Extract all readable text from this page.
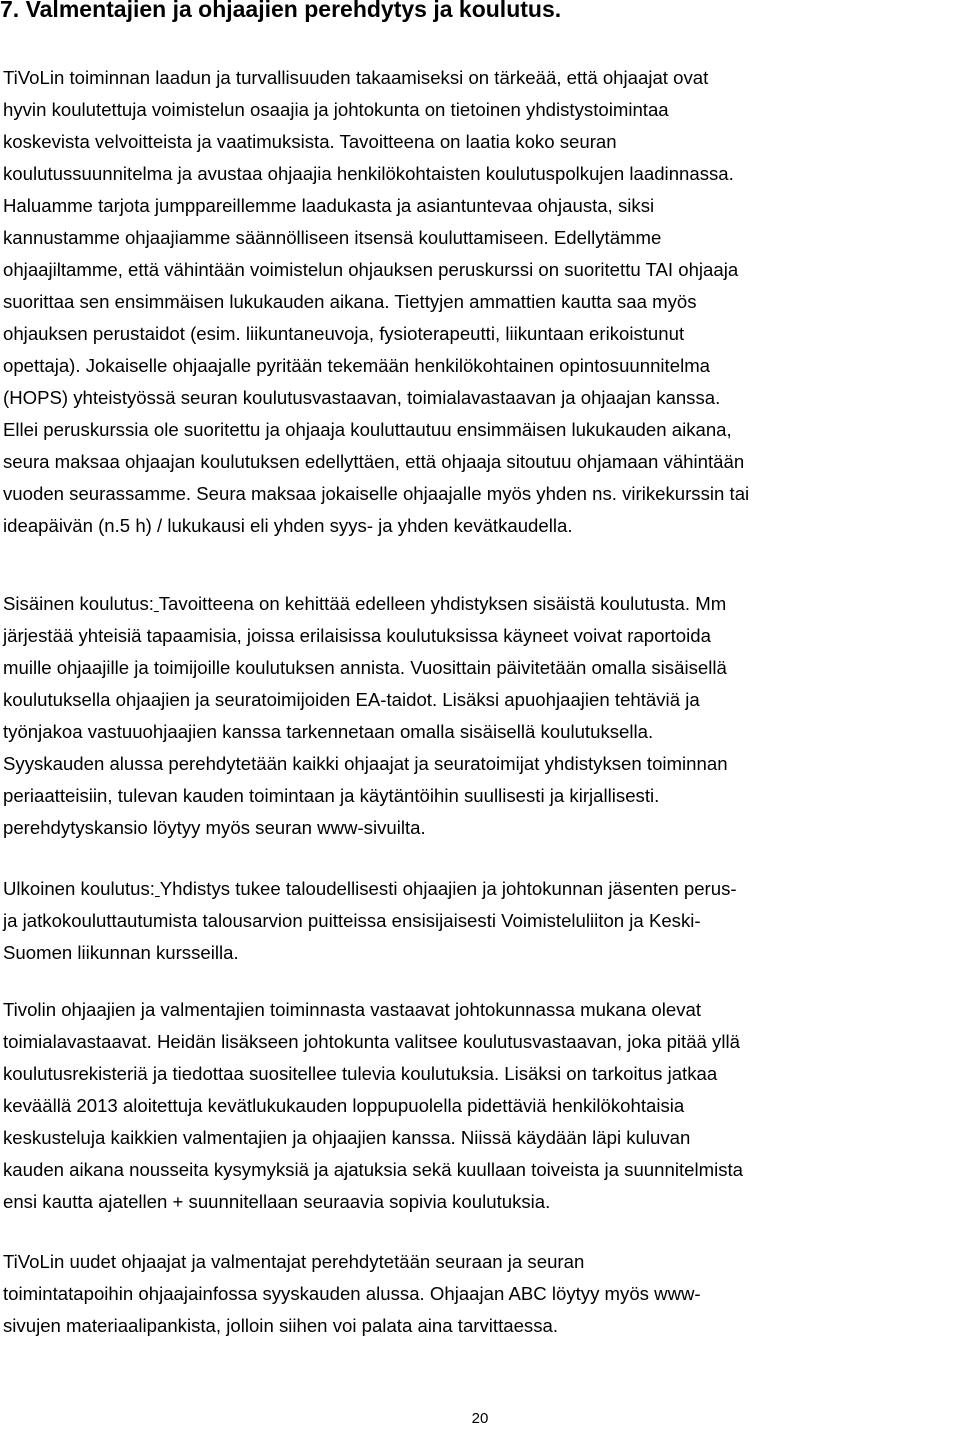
7. Valmentajien ja ohjaajien perehdytys ja koulutus.

TiVoLin toiminnan laadun ja turvallisuuden takaamiseksi on tärkeää, että ohjaajat ovat
hyvin koulutettuja voimistelun osaajia ja johtokunta on tietoinen yhdistystoimintaa
koskevista velvoitteista ja vaatimuksista. Tavoitteena on laatia koko seuran
koulutussuunnitelma ja avustaa ohjaajia henkilökohtaisten koulutuspolkujen laadinnassa.
Haluamme tarjota jumppareillemme laadukasta ja asiantuntevaa ohjausta, siksi
kannustamme ohjaajiamme säännölliseen itsensä kouluttamiseen. Edellytämme
ohjaajiltamme, että vähintään voimistelun ohjauksen peruskurssi on suoritettu TAI ohjaaja
suorittaa sen ensimmäisen lukukauden aikana. Tiettyjen ammattien kautta saa myös
ohjauksen perustaidot (esim. liikuntaneuvoja, fysioterapeutti, liikuntaan erikoistunut
opettaja). Jokaiselle ohjaajalle pyritään tekemään henkilökohtainen opintosuunnitelma
(HOPS) yhteistyössä seuran koulutusvastaavan, toimialavastaavan ja ohjaajan kanssa.
Ellei peruskurssia ole suoritettu ja ohjaaja kouluttautuu ensimmäisen lukukauden aikana,
seura maksaa ohjaajan koulutuksen edellyttäen, että ohjaaja sitoutuu ohjamaan vähintään
vuoden seurassamme. Seura maksaa jokaiselle ohjaajalle myös yhden ns. virikekurssin tai
ideapäivän (n.5 h) / lukukausi eli yhden syys- ja yhden kevätkaudella.

Sisäinen koulutus: Tavoitteena on kehittää edelleen yhdistyksen sisäistä koulutusta. Mm
järjestää yhteisiä tapaamisia, joissa erilaisissa koulutuksissa käyneet voivat raportoida
muille ohjaajille ja toimijoille koulutuksen annista. Vuosittain päivitetään omalla sisäisellä
koulutuksella ohjaajien ja seuratoimijoiden EA-taidot. Lisäksi apuohjaajien tehtäviä ja
työnjakoa vastuuohjaajien kanssa tarkennetaan omalla sisäisellä koulutuksella.
Syyskauden alussa perehdytetään kaikki ohjaajat ja seuratoimijat yhdistyksen toiminnan
periaatteisiin, tulevan kauden toimintaan ja käytäntöihin suullisesti ja kirjallisesti.
perehdytyskansio löytyy myös seuran www-sivuilta.

Ulkoinen koulutus: Yhdistys tukee taloudellisesti ohjaajien ja johtokunnan jäsenten perus-
ja jatkokouluttautumista talousarvion puitteissa ensisijaisesti Voimisteluliiton ja Keski-
Suomen liikunnan kursseilla.

Tivolin ohjaajien ja valmentajien toiminnasta vastaavat johtokunnassa mukana olevat
toimialavastaavat. Heidän lisäkseen johtokunta valitsee koulutusvastaavan, joka pitää yllä
koulutusrekisteriä ja tiedottaa suositellee tulevia koulutuksia. Lisäksi on tarkoitus jatkaa
keväällä 2013 aloitettuja kevätlukukauden loppupuolella pidettäviä henkilökohtaisia
keskusteluja kaikkien valmentajien ja ohjaajien kanssa. Niissä käydään läpi kuluvan
kauden aikana nousseita kysymyksiä ja ajatuksia sekä kuullaan toiveista ja suunnitelmista
ensi kautta ajatellen + suunnitellaan seuraavia sopivia koulutuksia.

TiVoLin uudet ohjaajat ja valmentajat perehdytetään seuraan ja seuran
toimintatapoihin ohjaajainfossa syyskauden alussa. Ohjaajan ABC löytyy myös www-
sivujen materiaalipankista, jolloin siihen voi palata aina tarvittaessa.

20
